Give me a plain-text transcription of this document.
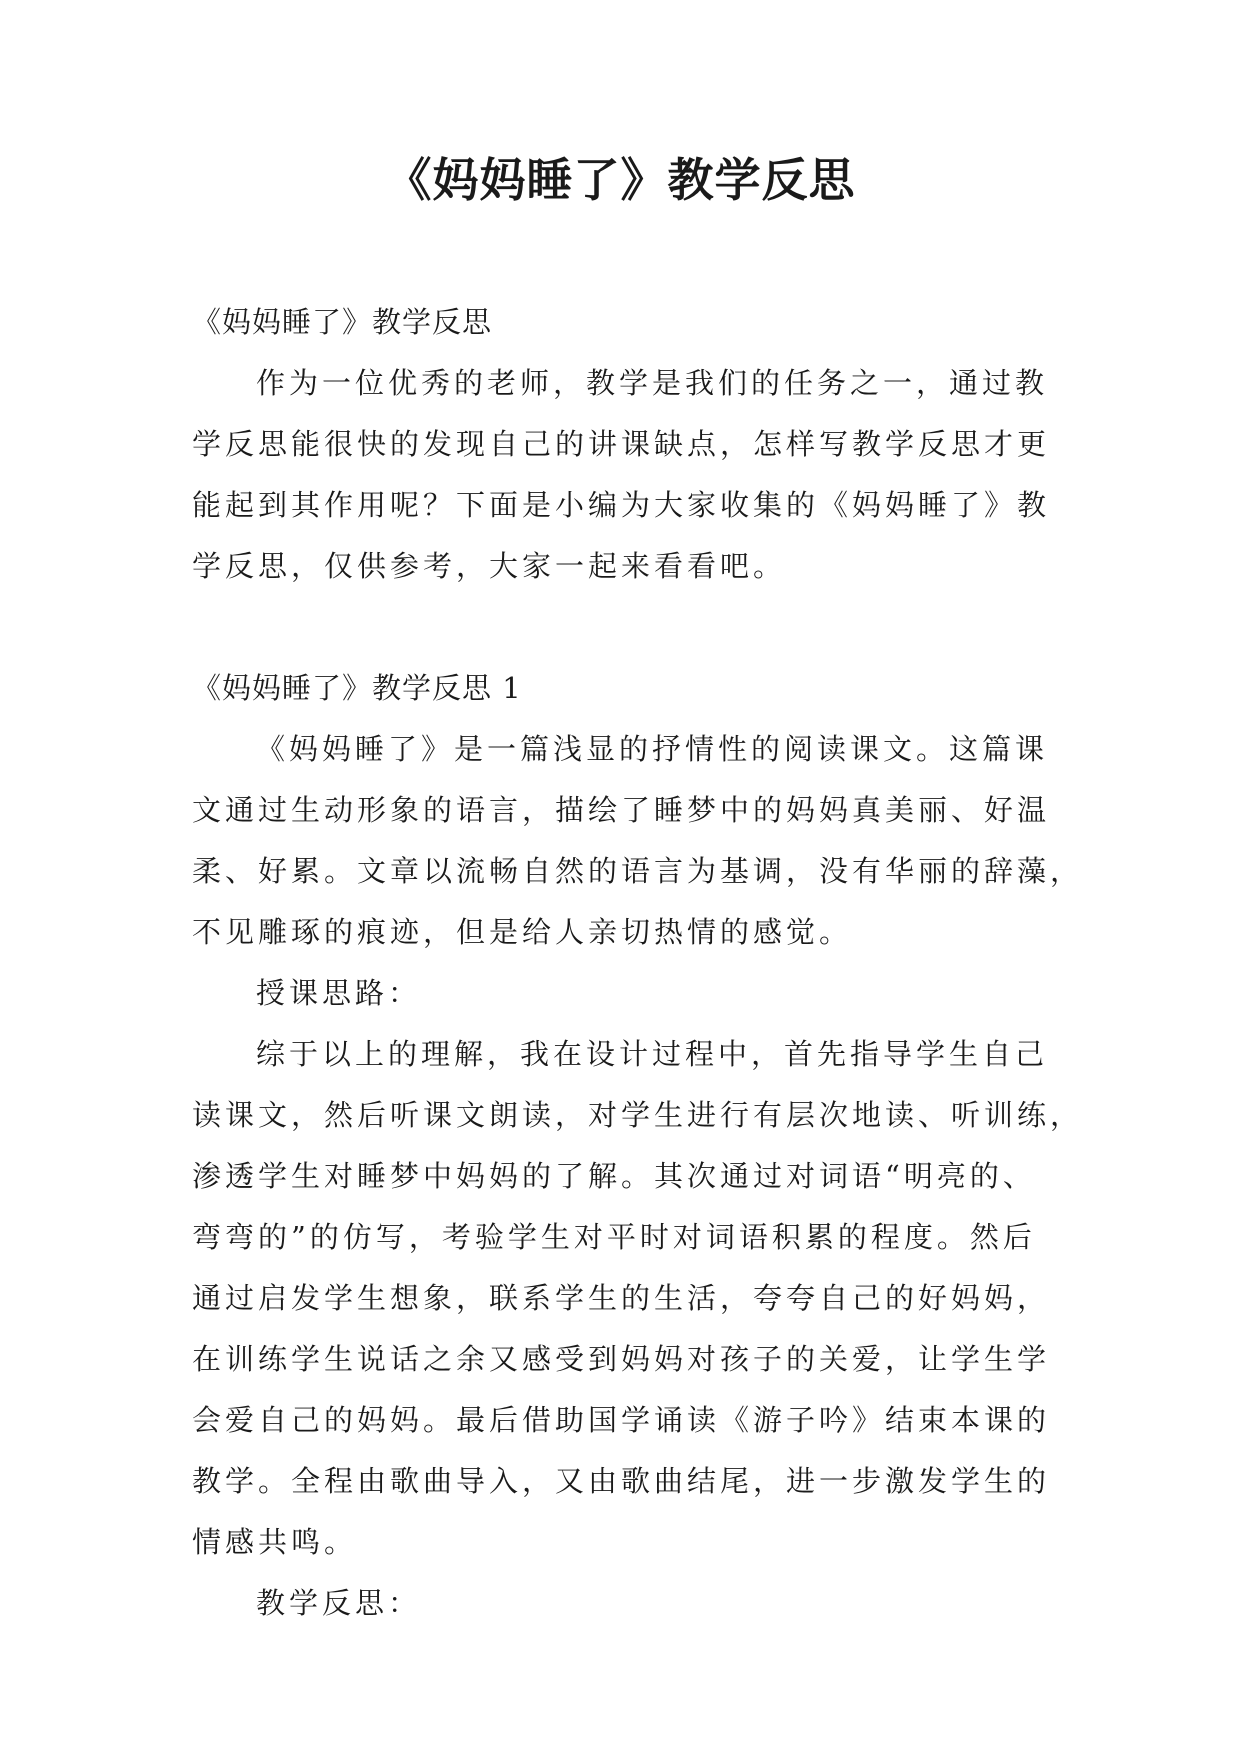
《妈妈睡了》教学反思
《妈妈睡了》教学反思
作为一位优秀的老师，教学是我们的任务之一，通过教
学反思能很快的发现自己的讲课缺点，怎样写教学反思才更
能起到其作用呢？下面是小编为大家收集的《妈妈睡了》教
学反思，仅供参考，大家一起来看看吧。
《妈妈睡了》教学反思 1
《妈妈睡了》是一篇浅显的抒情性的阅读课文。这篇课
文通过生动形象的语言，描绘了睡梦中的妈妈真美丽、好温
柔、好累。文章以流畅自然的语言为基调，没有华丽的辞藻，
不见雕琢的痕迹，但是给人亲切热情的感觉。
授课思路：
综于以上的理解，我在设计过程中，首先指导学生自己
读课文，然后听课文朗读，对学生进行有层次地读、听训练，
渗透学生对睡梦中妈妈的了解。其次通过对词语“明亮的、
弯弯的”的仿写，考验学生对平时对词语积累的程度。然后
通过启发学生想象，联系学生的生活，夸夸自己的好妈妈，
在训练学生说话之余又感受到妈妈对孩子的关爱，让学生学
会爱自己的妈妈。最后借助国学诵读《游子吟》结束本课的
教学。全程由歌曲导入，又由歌曲结尾，进一步激发学生的
情感共鸣。
教学反思：
